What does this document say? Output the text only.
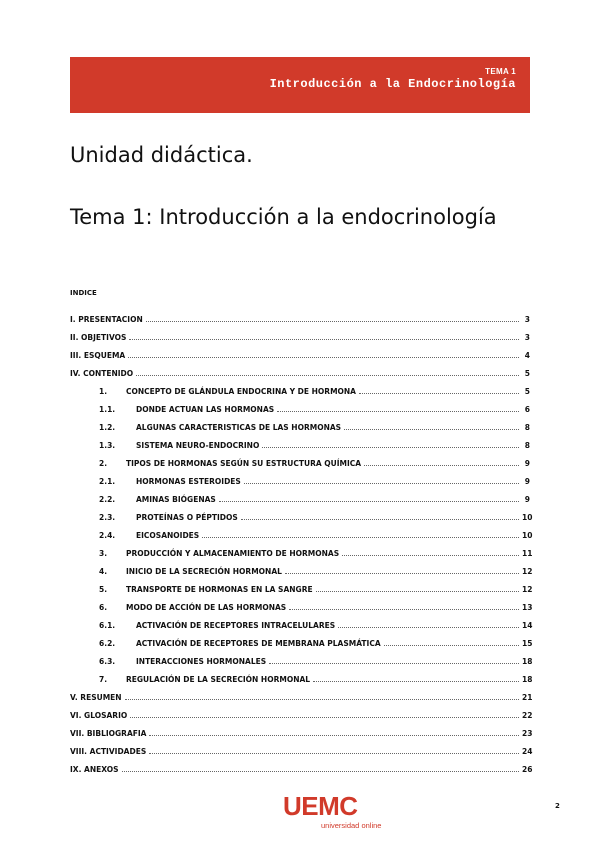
TEMA 1
Introducción a la Endocrinología
Unidad didáctica.
Tema 1: Introducción a la endocrinología
INDICE
I. PRESENTACION	3
II. OBJETIVOS	3
III. ESQUEMA	4
IV. CONTENIDO	5
1.	CONCEPTO DE GLÁNDULA ENDOCRINA Y DE HORMONA	5
1.1.	DONDE ACTUAN LAS HORMONAS	6
1.2.	ALGUNAS CARACTERISTICAS DE LAS HORMONAS	8
1.3.	SISTEMA NEURO-ENDOCRINO	8
2.	TIPOS DE HORMONAS SEGÚN SU ESTRUCTURA QUÍMICA	9
2.1.	HORMONAS ESTEROIDES	9
2.2.	AMINAS BIÓGENAS	9
2.3.	PROTEÍNAS O PÉPTIDOS	10
2.4.	EICOSANOIDES	10
3.	PRODUCCIÓN Y ALMACENAMIENTO DE HORMONAS	11
4.	INICIO DE LA SECRECIÓN HORMONAL	12
5.	TRANSPORTE DE HORMONAS EN LA SANGRE	12
6.	MODO DE ACCIÓN DE LAS HORMONAS	13
6.1.	ACTIVACIÓN DE RECEPTORES INTRACELULARES	14
6.2.	ACTIVACIÓN DE RECEPTORES DE MEMBRANA PLASMÁTICA	15
6.3.	INTERACCIONES HORMONALES	18
7.	REGULACIÓN DE LA SECRECIÓN HORMONAL	18
V. RESUMEN	21
VI. GLOSARIO	22
VII. BIBLIOGRAFIA	23
VIII. ACTIVIDADES	24
IX. ANEXOS	26
UEMC
universidad online
2
